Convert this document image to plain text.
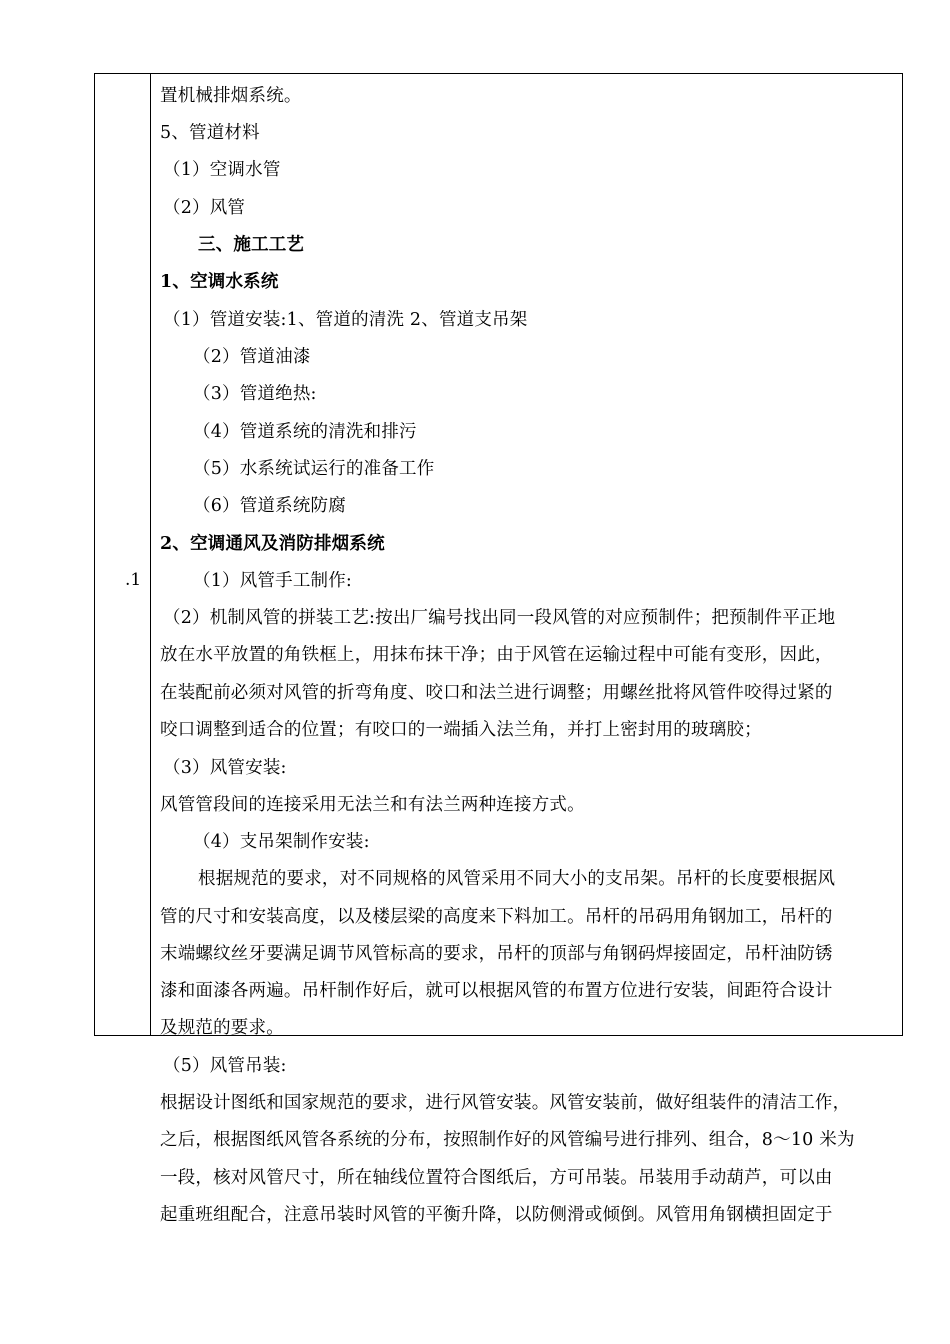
.1
置机械排烟系统。
5、管道材料
（1）空调水管
（2）风管
三、施工工艺
1、空调水系统
（1）管道安装:1、管道的清洗 2、管道支吊架
（2）管道油漆
（3）管道绝热:
（4）管道系统的清洗和排污
（5）水系统试运行的准备工作
（6）管道系统防腐
2、空调通风及消防排烟系统
（1）风管手工制作:
（2）机制风管的拼装工艺:按出厂编号找出同一段风管的对应预制件；把预制件平正地
放在水平放置的角铁框上，用抹布抹干净；由于风管在运输过程中可能有变形，因此，
在装配前必须对风管的折弯角度、咬口和法兰进行调整；用螺丝批将风管件咬得过紧的
咬口调整到适合的位置；有咬口的一端插入法兰角，并打上密封用的玻璃胶；
（3）风管安装:
风管管段间的连接采用无法兰和有法兰两种连接方式。
（4）支吊架制作安装:
根据规范的要求，对不同规格的风管采用不同大小的支吊架。吊杆的长度要根据风
管的尺寸和安装高度，以及楼层梁的高度来下料加工。吊杆的吊码用角钢加工，吊杆的
末端螺纹丝牙要满足调节风管标高的要求，吊杆的顶部与角钢码焊接固定，吊杆油防锈
漆和面漆各两遍。吊杆制作好后，就可以根据风管的布置方位进行安装，间距符合设计
及规范的要求。
（5）风管吊装:
根据设计图纸和国家规范的要求，进行风管安装。风管安装前，做好组装件的清洁工作，
之后，根据图纸风管各系统的分布，按照制作好的风管编号进行排列、组合，8～10 米为
一段，核对风管尺寸，所在轴线位置符合图纸后，方可吊装。吊装用手动葫芦，可以由
起重班组配合，注意吊装时风管的平衡升降，以防侧滑或倾倒。风管用角钢横担固定于
